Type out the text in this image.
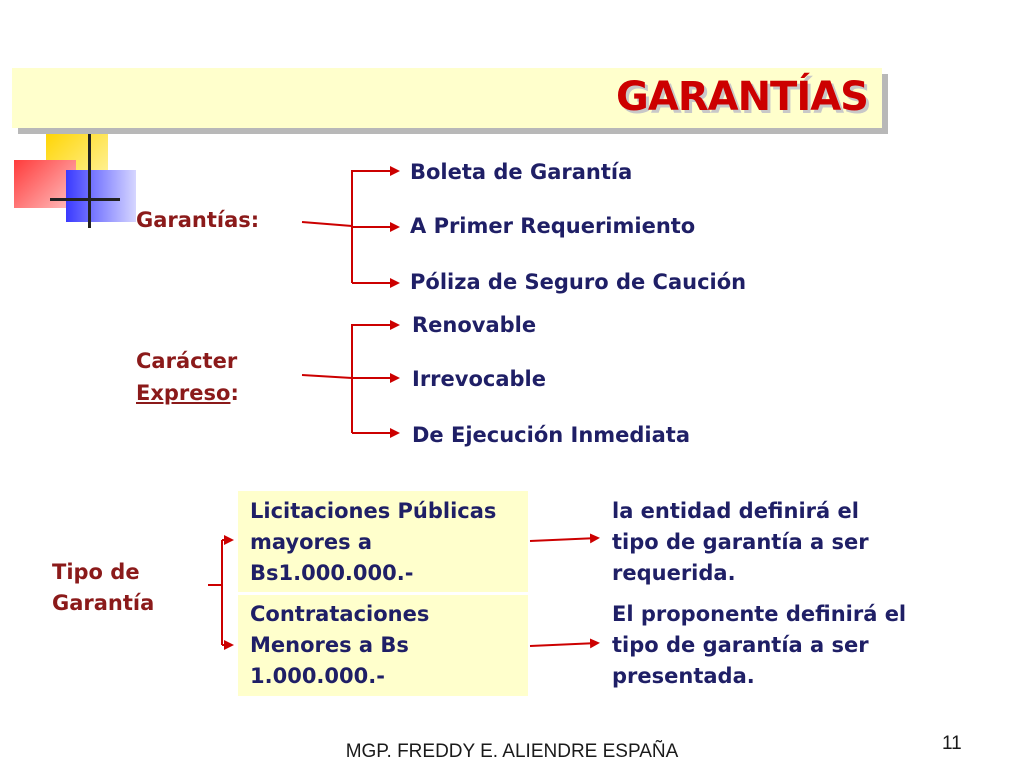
GARANTÍAS
Garantías:
Boleta de Garantía
A Primer Requerimiento
Póliza de Seguro de Caución
Carácter
Expreso:
Renovable
Irrevocable
De Ejecución Inmediata
Tipo de
Garantía
Licitaciones Públicas
mayores a
Bs1.000.000.-
Contrataciones
Menores a Bs
1.000.000.-
la entidad definirá el
tipo de garantía a ser
requerida.
El proponente definirá el
tipo de garantía a ser
presentada.
MGP. FREDDY E. ALIENDRE ESPAÑA	11
